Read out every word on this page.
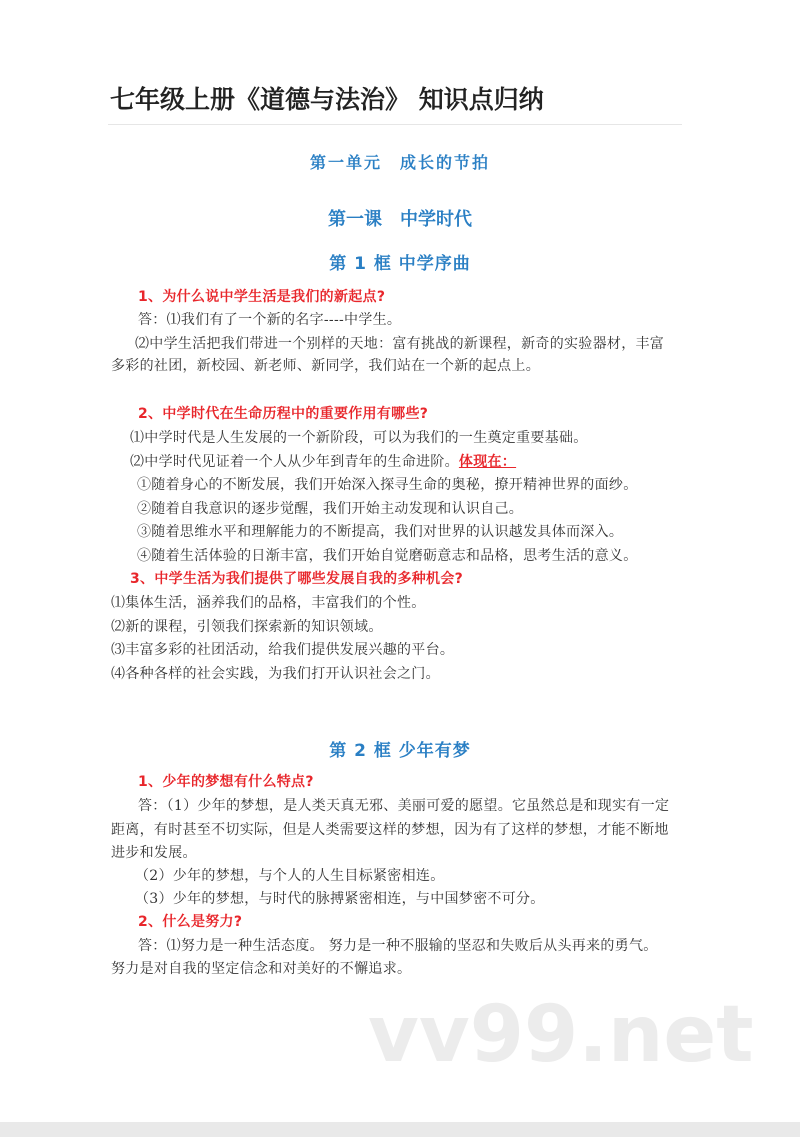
七年级上册《道德与法治》 知识点归纳
第一单元　成长的节拍
第一课　中学时代
第 1 框 中学序曲
1、为什么说中学生活是我们的新起点?
答：⑴我们有了一个新的名字----中学生。
⑵中学生活把我们带进一个别样的天地：富有挑战的新课程，新奇的实验器材，丰富
多彩的社团，新校园、新老师、新同学，我们站在一个新的起点上。
2、中学时代在生命历程中的重要作用有哪些?
⑴中学时代是人生发展的一个新阶段，可以为我们的一生奠定重要基础。
⑵中学时代见证着一个人从少年到青年的生命进阶。体现在：
①随着身心的不断发展，我们开始深入探寻生命的奥秘，撩开精神世界的面纱。
②随着自我意识的逐步觉醒，我们开始主动发现和认识自己。
③随着思维水平和理解能力的不断提高，我们对世界的认识越发具体而深入。
④随着生活体验的日渐丰富，我们开始自觉磨砺意志和品格，思考生活的意义。
3、中学生活为我们提供了哪些发展自我的多种机会?
⑴集体生活，涵养我们的品格，丰富我们的个性。
⑵新的课程，引领我们探索新的知识领域。
⑶丰富多彩的社团活动，给我们提供发展兴趣的平台。
⑷各种各样的社会实践，为我们打开认识社会之门。
第 2 框 少年有梦
1、少年的梦想有什么特点?
答：（1）少年的梦想，是人类天真无邪、美丽可爱的愿望。它虽然总是和现实有一定
距离，有时甚至不切实际，但是人类需要这样的梦想，因为有了这样的梦想，才能不断地
进步和发展。
（2）少年的梦想，与个人的人生目标紧密相连。
（3）少年的梦想，与时代的脉搏紧密相连，与中国梦密不可分。
2、什么是努力?
答：⑴努力是一种生活态度。 努力是一种不服输的坚忍和失败后从头再来的勇气。
努力是对自我的坚定信念和对美好的不懈追求。
vv99.net
